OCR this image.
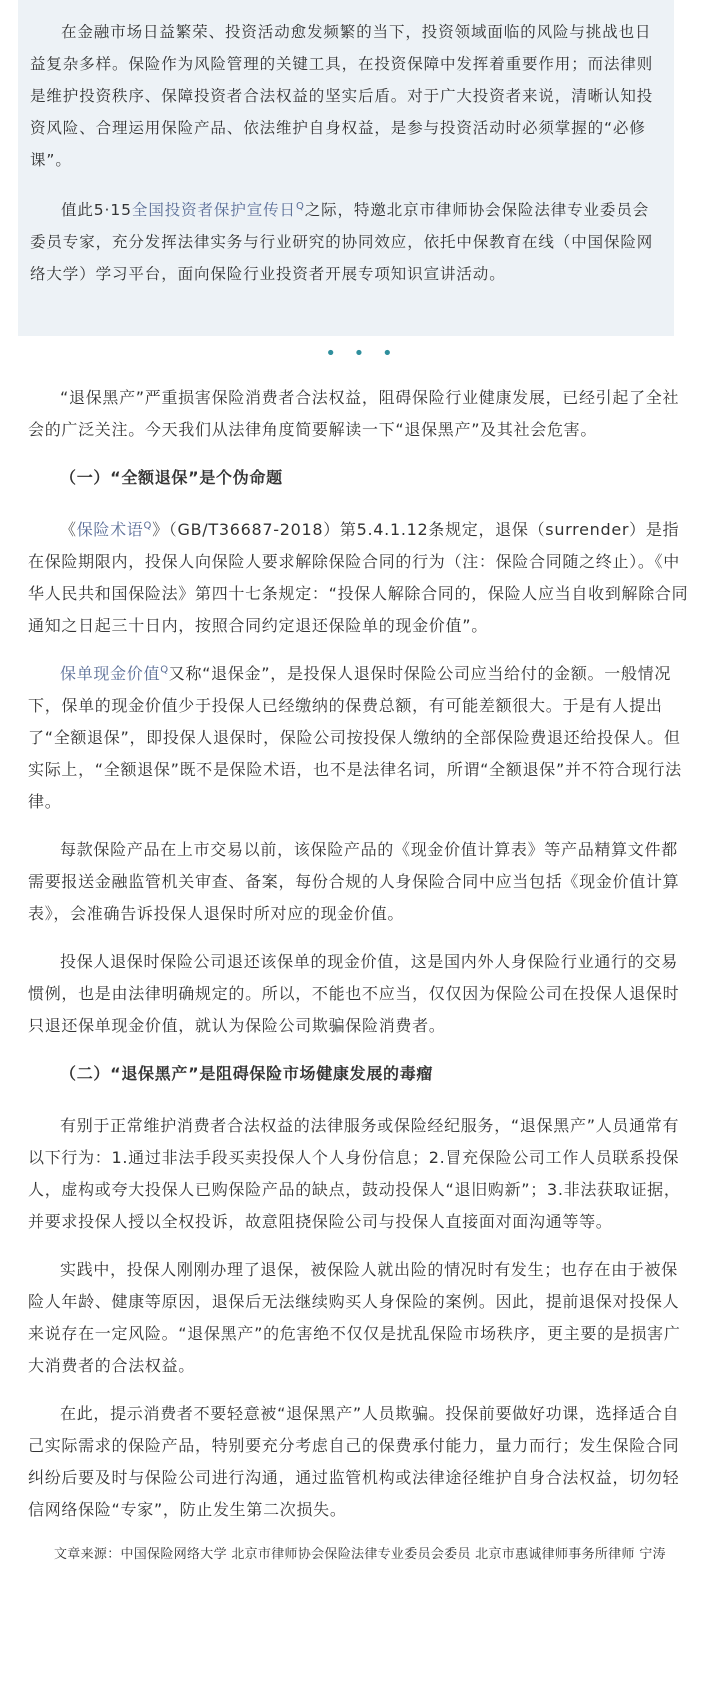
在金融市场日益繁荣、投资活动愈发频繁的当下，投资领域面临的风险与挑战也日益复杂多样。保险作为风险管理的关键工具，在投资保障中发挥着重要作用；而法律则是维护投资秩序、保障投资者合法权益的坚实后盾。对于广大投资者来说，清晰认知投资风险、合理运用保险产品、依法维护自身权益，是参与投资活动时必须掌握的“必修课”。

值此5·15全国投资者保护宣传日$^Q$之际，特邀北京市律师协会保险法律专业委员会委员专家，充分发挥法律实务与行业研究的协同效应，依托中保教育在线（中国保险网络大学）学习平台，面向保险行业投资者开展专项知识宣讲活动。

• • •

“退保黑产”严重损害保险消费者合法权益，阻碍保险行业健康发展，已经引起了全社会的广泛关注。今天我们从法律角度简要解读一下“退保黑产”及其社会危害。

（一）“全额退保”是个伪命题

《保险术语$^Q$》（GB/T36687-2018）第5.4.1.12条规定，退保（surrender）是指在保险期限内，投保人向保险人要求解除保险合同的行为（注：保险合同随之终止）。《中华人民共和国保险法》第四十七条规定：“投保人解除合同的，保险人应当自收到解除合同通知之日起三十日内，按照合同约定退还保险单的现金价值”。

保单现金价值$^Q$又称“退保金”，是投保人退保时保险公司应当给付的金额。一般情况下，保单的现金价值少于投保人已经缴纳的保费总额，有可能差额很大。于是有人提出了“全额退保”，即投保人退保时，保险公司按投保人缴纳的全部保险费退还给投保人。但实际上，“全额退保”既不是保险术语，也不是法律名词，所谓“全额退保”并不符合现行法律。

每款保险产品在上市交易以前，该保险产品的《现金价值计算表》等产品精算文件都需要报送金融监管机关审查、备案，每份合规的人身保险合同中应当包括《现金价值计算表》，会准确告诉投保人退保时所对应的现金价值。

投保人退保时保险公司退还该保单的现金价值，这是国内外人身保险行业通行的交易惯例，也是由法律明确规定的。所以，不能也不应当，仅仅因为保险公司在投保人退保时只退还保单现金价值，就认为保险公司欺骗保险消费者。

（二）“退保黑产”是阻碍保险市场健康发展的毒瘤

有别于正常维护消费者合法权益的法律服务或保险经纪服务，“退保黑产”人员通常有以下行为：1.通过非法手段买卖投保人个人身份信息；2.冒充保险公司工作人员联系投保人，虚构或夸大投保人已购保险产品的缺点，鼓动投保人“退旧购新”；3.非法获取证据，并要求投保人授以全权投诉，故意阻挠保险公司与投保人直接面对面沟通等等。

实践中，投保人刚刚办理了退保，被保险人就出险的情况时有发生；也存在由于被保险人年龄、健康等原因，退保后无法继续购买人身保险的案例。因此，提前退保对投保人来说存在一定风险。“退保黑产”的危害绝不仅仅是扰乱保险市场秩序，更主要的是损害广大消费者的合法权益。

在此，提示消费者不要轻意被“退保黑产”人员欺骗。投保前要做好功课，选择适合自己实际需求的保险产品，特别要充分考虑自己的保费承付能力，量力而行；发生保险合同纠纷后要及时与保险公司进行沟通，通过监管机构或法律途径维护自身合法权益，切勿轻信网络保险“专家”，防止发生第二次损失。

文章来源：中国保险网络大学 北京市律师协会保险法律专业委员会委员 北京市惠诚律师事务所律师 宁涛
